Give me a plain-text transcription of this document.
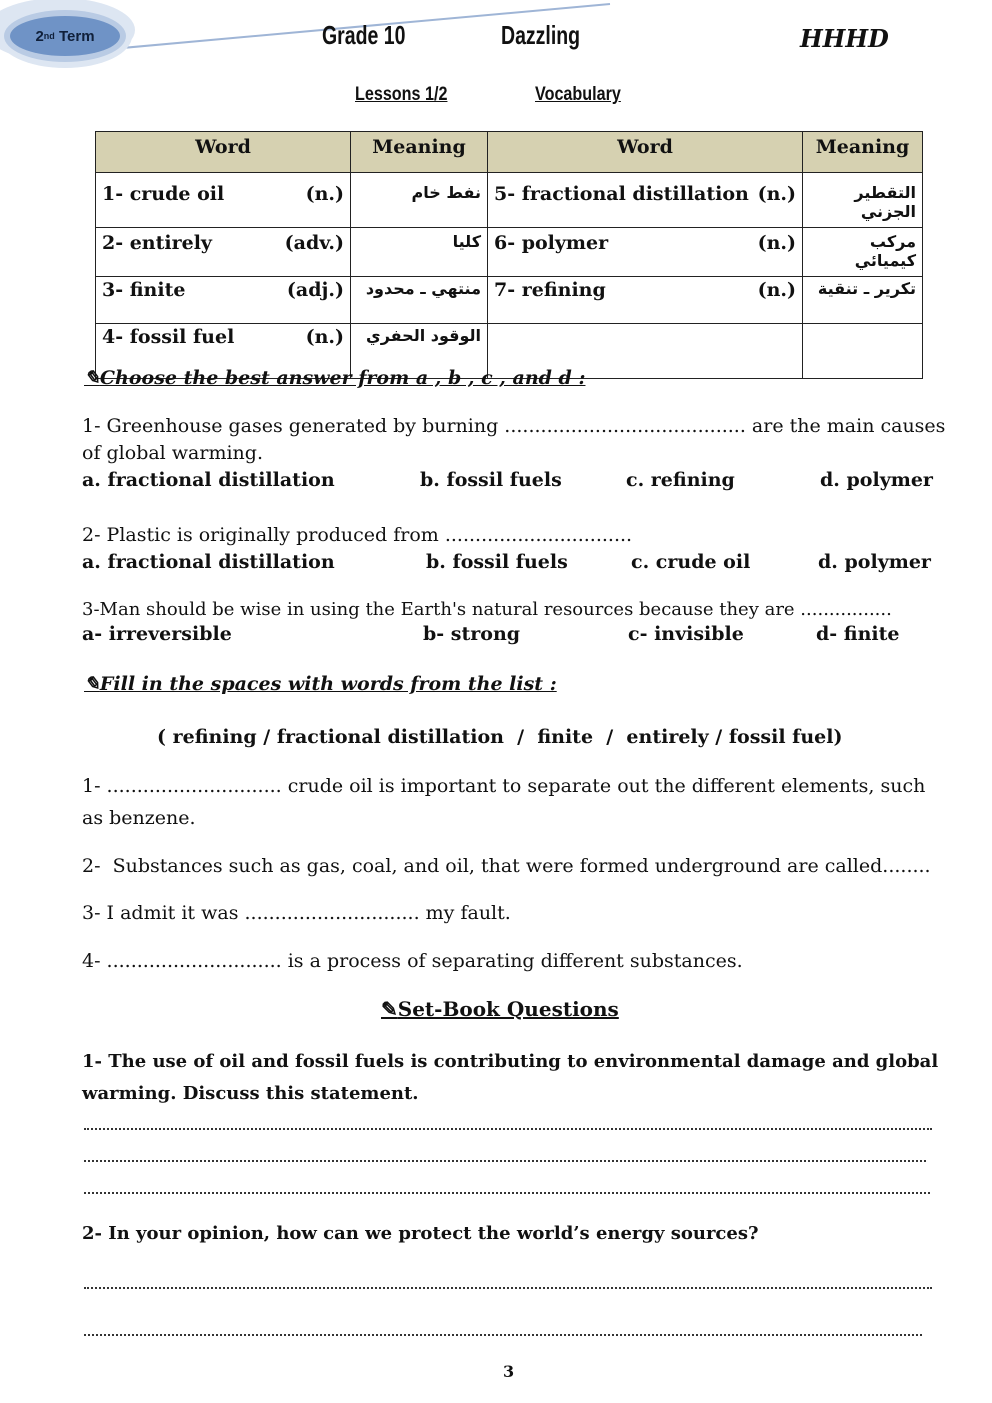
2 nd
Term	Grade 10	Dazzling	HHHD
Lessons 1/2	Vocabulary
Word	Meaning	Word	Meaning
1- crude oil (n.)	نفط خام	5- fractional distillation (n.)	التقطير الجزني
2- entirely (adv.)	كليا	6- polymer (n.)	مركب كيميائي
3- finite (adj.)	منتهي ـ محدود	7- refining (n.)	تكرير ـ تنقية
4- fossil fuel (n.)	الوقود الحفري		
✎Choose the best answer from a , b , c , and d :
1- Greenhouse gases generated by burning ........................................ are the main causes
of global warming.
a. fractional distillation	b. fossil fuels	c. refining	d. polymer
2- Plastic is originally produced from ...............................
a. fractional distillation	b. fossil fuels	c. crude oil	d. polymer
3-Man should be wise in using the Earth's natural resources because they are ................
a- irreversible	b- strong	c- invisible	d- finite
✎Fill in the spaces with words from the list :
( refining / fractional distillation  /  finite  /  entirely / fossil fuel)
1- ............................. crude oil is important to separate out the different elements, such
as benzene.
2-  Substances such as gas, coal, and oil, that were formed underground are called........
3- I admit it was ............................. my fault.
4- ............................. is a process of separating different substances.
✎Set-Book Questions
1- The use of oil and fossil fuels is contributing to environmental damage and global
warming. Discuss this statement.
2- In your opinion, how can we protect the world’s energy sources?
3
